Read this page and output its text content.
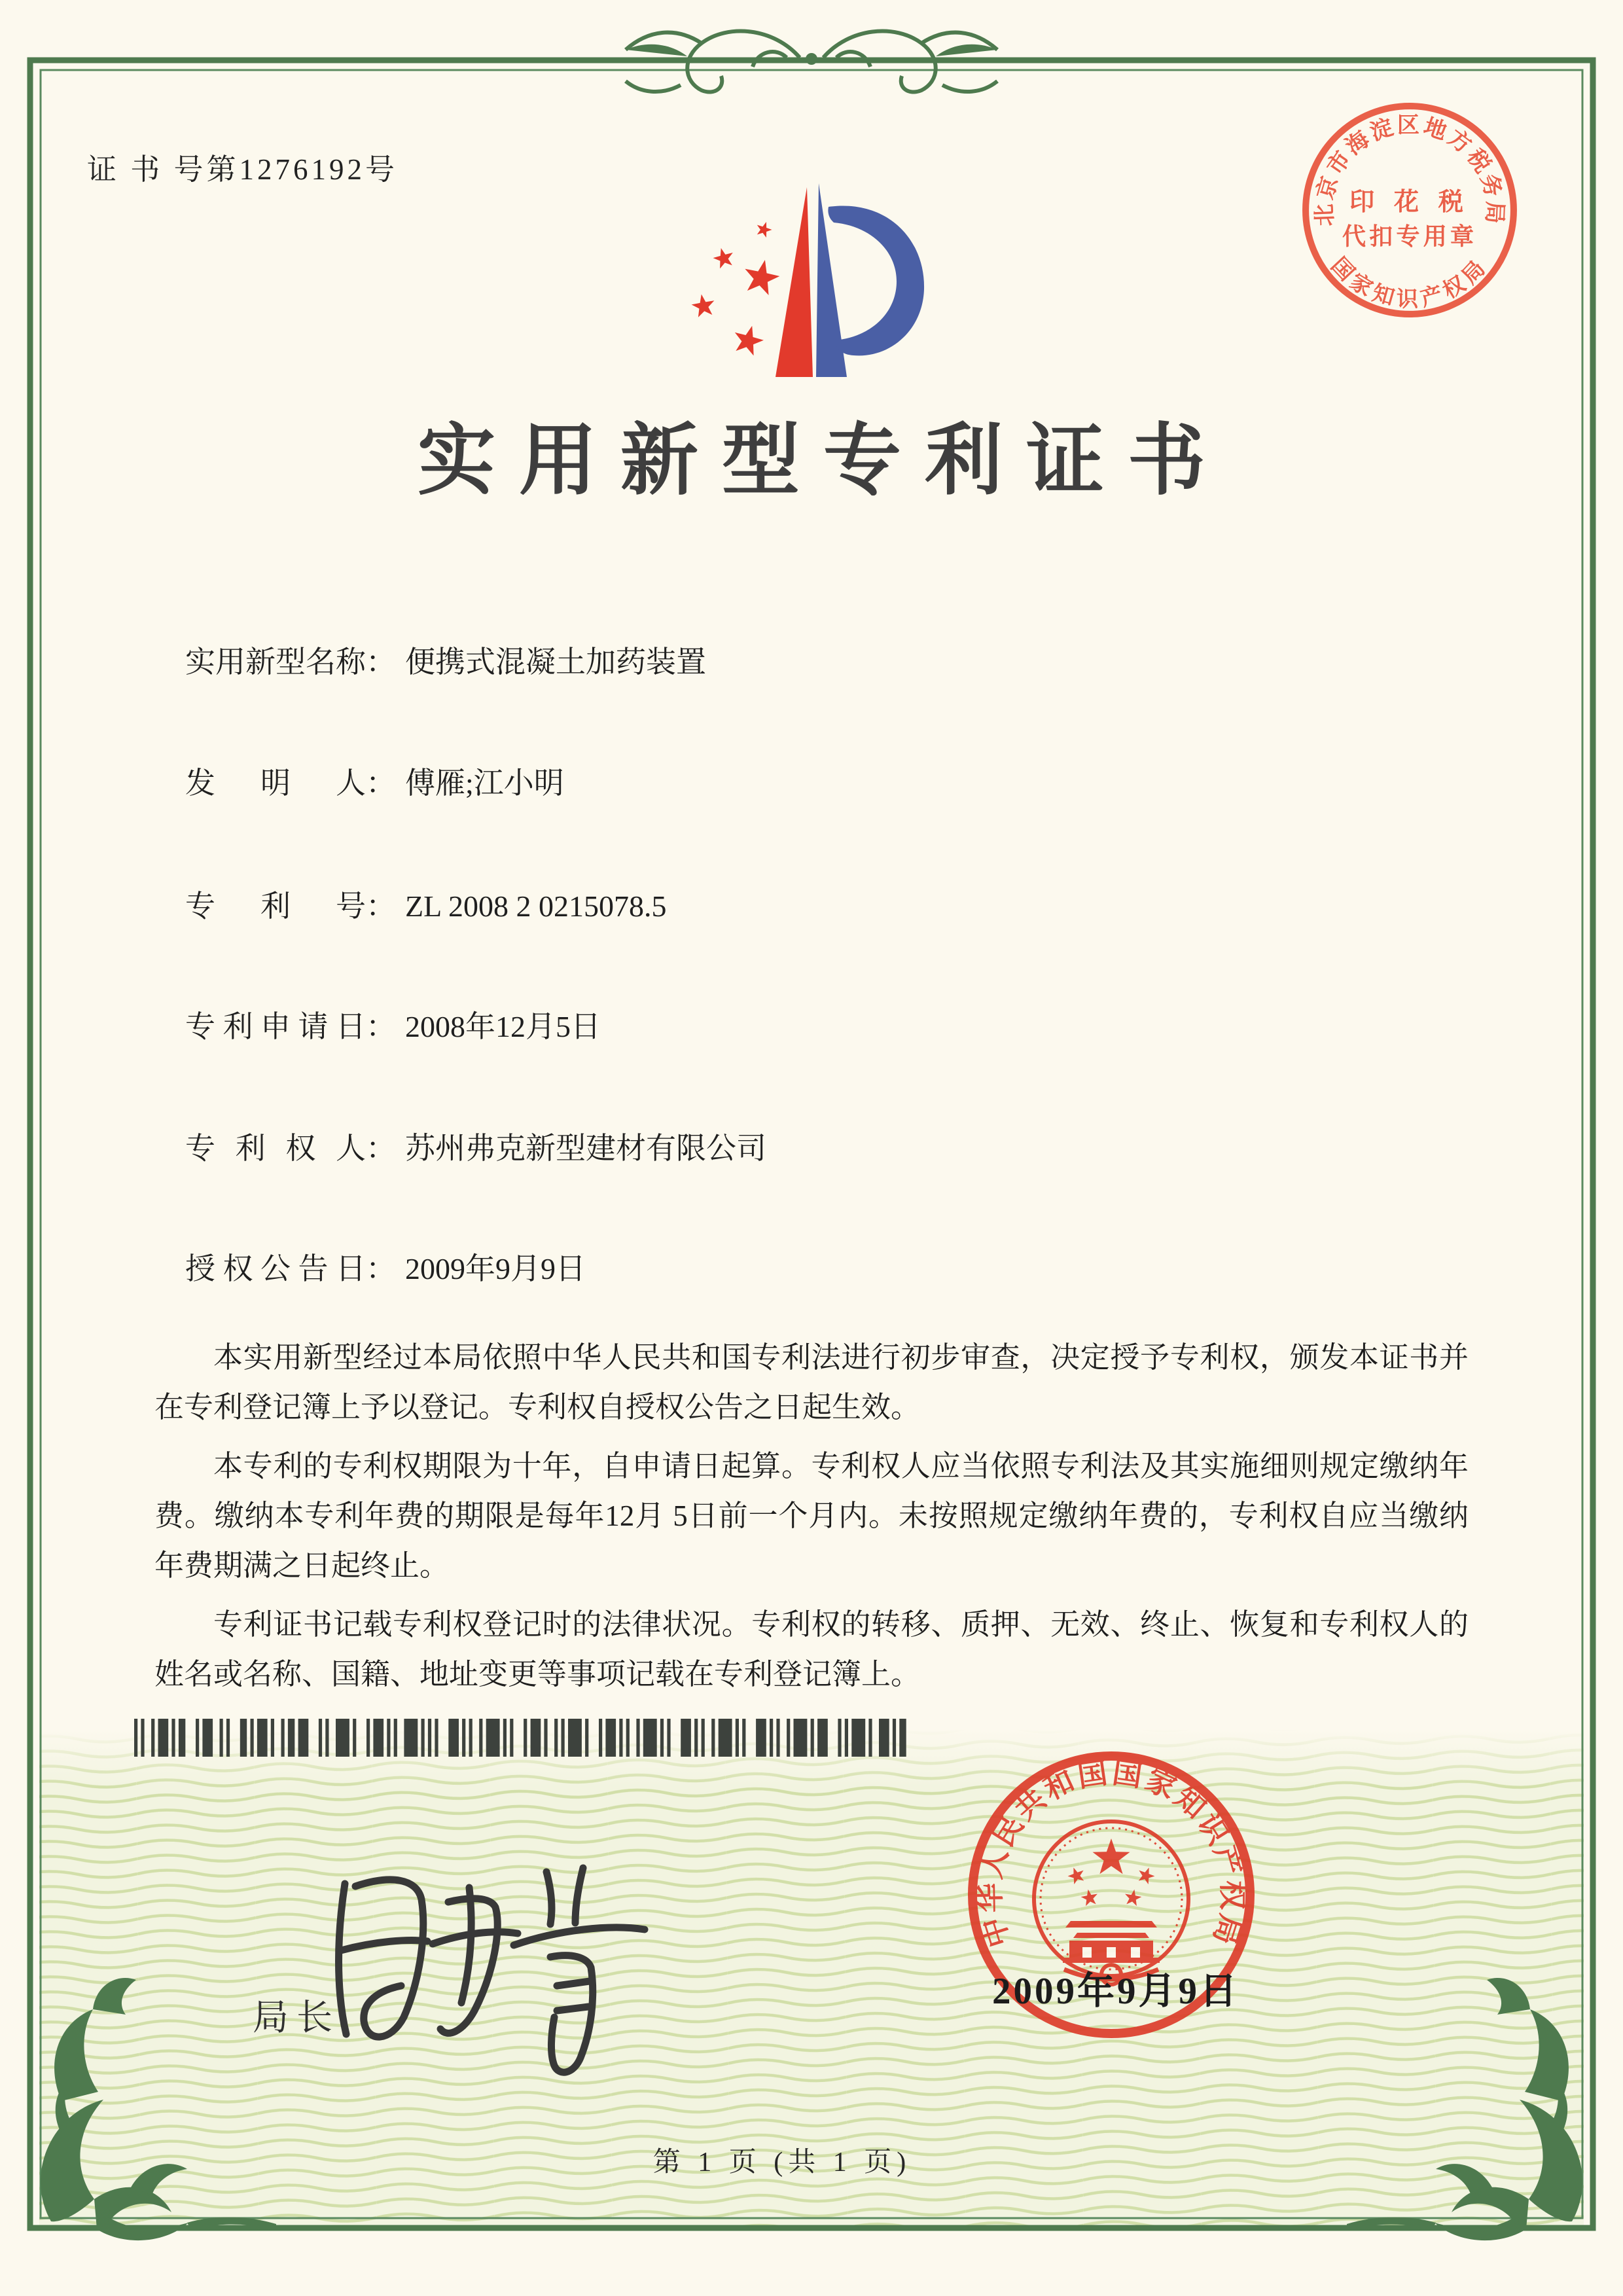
证 书 号第1276192号
北京市海淀区地方税务局
国家知识产权局
印 花 税
代扣专用章
实用新型专利证书
实用新型名称： 便携式混凝土加药装置
发明人： 傅雁;江小明
专利号： ZL 2008 2 0215078.5
专利申请日： 2008年12月5日
专利权人： 苏州弗克新型建材有限公司
授权公告日： 2009年9月9日

本实用新型经过本局依照中华人民共和国专利法进行初步审查，决定授予专利权，颁发本证书并在专利登记簿上予以登记。专利权自授权公告之日起生效。

本专利的专利权期限为十年，自申请日起算。专利权人应当依照专利法及其实施细则规定缴纳年费。缴纳本专利年费的期限是每年12月 5日前一个月内。未按照规定缴纳年费的，专利权自应当缴纳年费期满之日起终止。

专利证书记载专利权登记时的法律状况。专利权的转移、质押、无效、终止、恢复和专利权人的姓名或名称、国籍、地址变更等事项记载在专利登记簿上。

局长
中华人民共和国国家知识产权局
2009年9月9日
第 1 页 (共 1 页)
